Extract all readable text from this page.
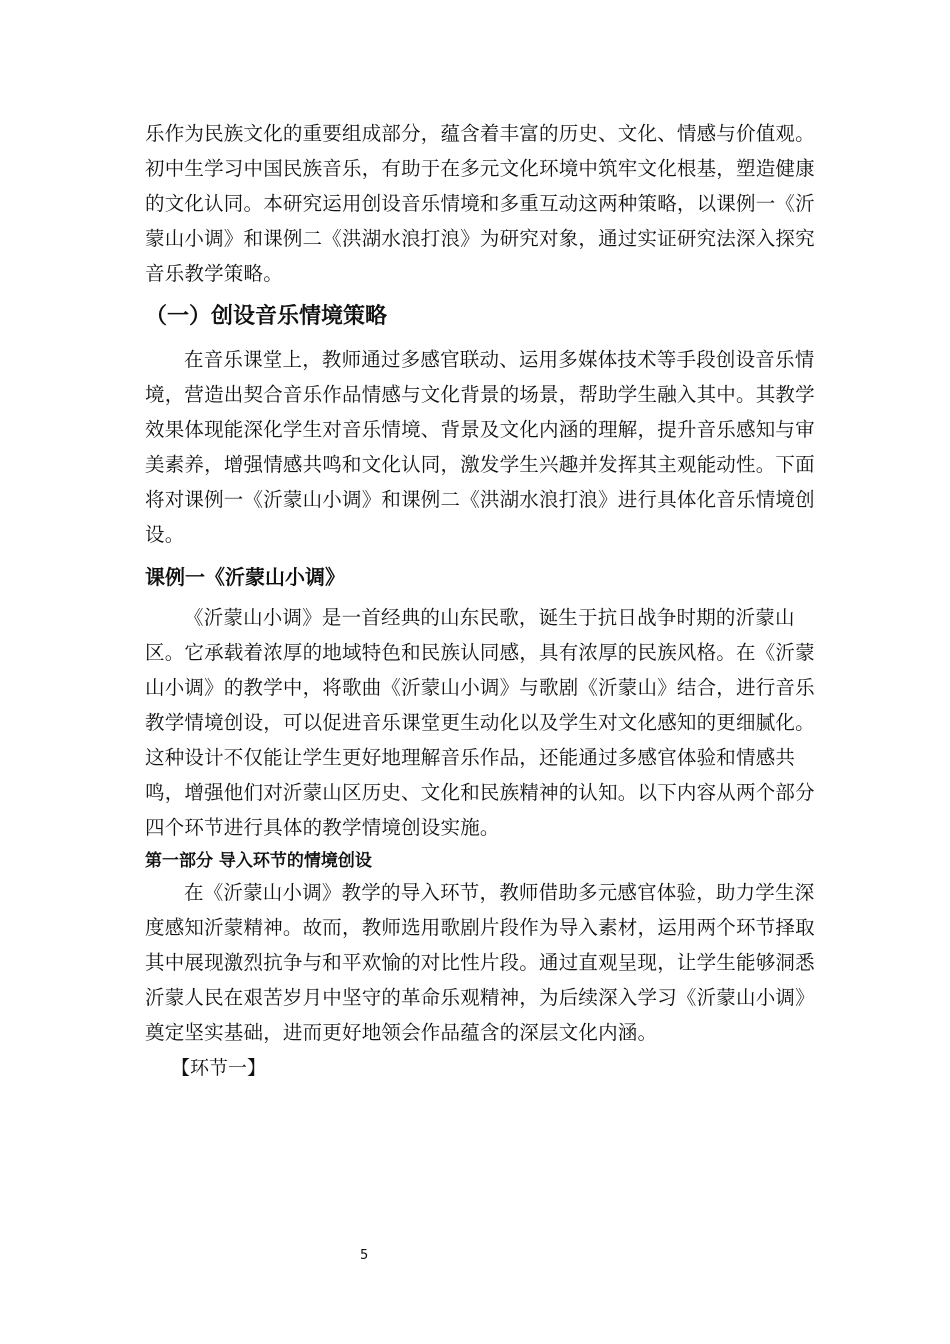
乐作为民族文化的重要组成部分，蕴含着丰富的历史、文化、情感与价值观。
初中生学习中国民族音乐，有助于在多元文化环境中筑牢文化根基，塑造健康
的文化认同。本研究运用创设音乐情境和多重互动这两种策略，以课例一《沂
蒙山小调》和课例二《洪湖水浪打浪》为研究对象，通过实证研究法深入探究
音乐教学策略。
（一）创设音乐情境策略
在音乐课堂上，教师通过多感官联动、运用多媒体技术等手段创设音乐情
境，营造出契合音乐作品情感与文化背景的场景，帮助学生融入其中。其教学
效果体现能深化学生对音乐情境、背景及文化内涵的理解，提升音乐感知与审
美素养，增强情感共鸣和文化认同，激发学生兴趣并发挥其主观能动性。下面
将对课例一《沂蒙山小调》和课例二《洪湖水浪打浪》进行具体化音乐情境创
设。
课例一《沂蒙山小调》
《沂蒙山小调》是一首经典的山东民歌，诞生于抗日战争时期的沂蒙山
区。它承载着浓厚的地域特色和民族认同感，具有浓厚的民族风格。在《沂蒙
山小调》的教学中，将歌曲《沂蒙山小调》与歌剧《沂蒙山》结合，进行音乐
教学情境创设，可以促进音乐课堂更生动化以及学生对文化感知的更细腻化。
这种设计不仅能让学生更好地理解音乐作品，还能通过多感官体验和情感共
鸣，增强他们对沂蒙山区历史、文化和民族精神的认知。以下内容从两个部分
四个环节进行具体的教学情境创设实施。
第一部分 导入环节的情境创设
在《沂蒙山小调》教学的导入环节，教师借助多元感官体验，助力学生深
度感知沂蒙精神。故而，教师选用歌剧片段作为导入素材，运用两个环节择取
其中展现激烈抗争与和平欢愉的对比性片段。通过直观呈现，让学生能够洞悉
沂蒙人民在艰苦岁月中坚守的革命乐观精神，为后续深入学习《沂蒙山小调》
奠定坚实基础，进而更好地领会作品蕴含的深层文化内涵。
【环节一】
5
